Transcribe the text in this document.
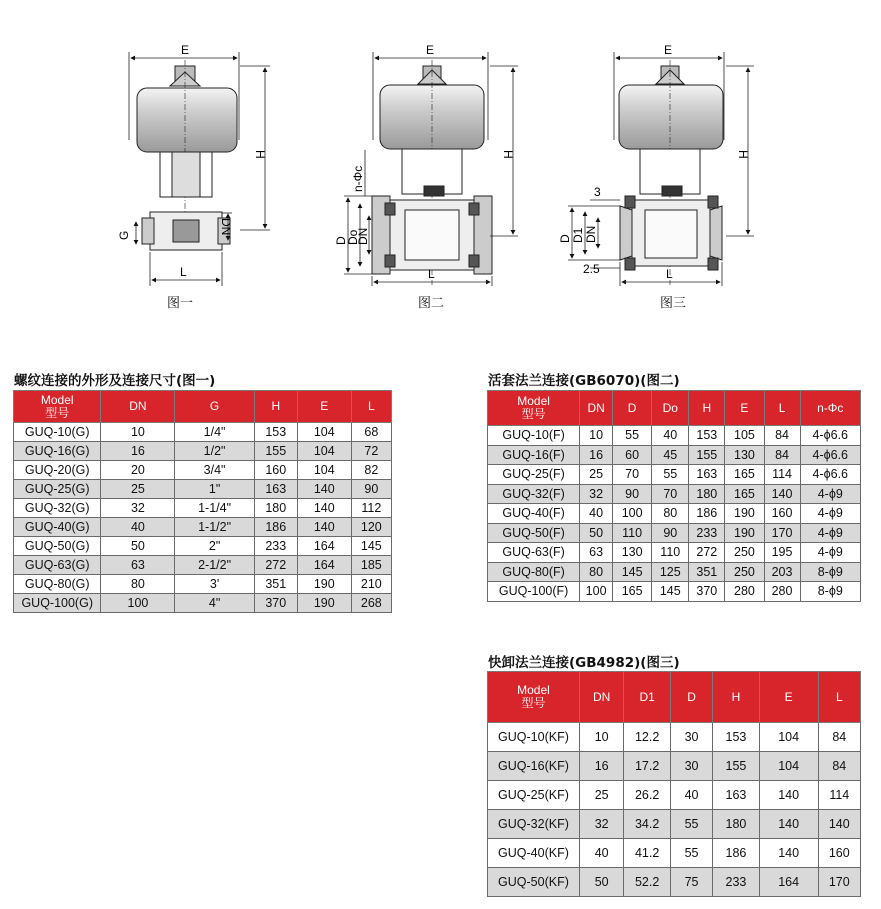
E
H
G	DN
L
E
H
n-Φc
D
Do
DN
L
E
H
3
D D1 DN
L
2.5
图一	图二	图三
螺纹连接的外形及连接尺寸(图一)	活套法兰连接(GB6070)(图二)
快卸法兰连接(GB4982)(图三)
Model
型号	DN	G	H	E	L
GUQ-10(G)	10	1/4"	153	104	68
GUQ-16(G)	16	1/2"	155	104	72
GUQ-20(G)	20	3/4"	160	104	82
GUQ-25(G)	25	1"	163	140	90
GUQ-32(G)	32	1-1/4"	180	140	112
GUQ-40(G)	40	1-1/2"	186	140	120
GUQ-50(G)	50	2"	233	164	145
GUQ-63(G)	63	2-1/2"	272	164	185
GUQ-80(G)	80	3'	351	190	210
GUQ-100(G)	100	4"	370	190	268
Model
型号	DN	D	Do	H	E	L	n-Φc
GUQ-10(F)	10	55	40	153	105	84	4-ϕ6.6
GUQ-16(F)	16	60	45	155	130	84	4-ϕ6.6
GUQ-25(F)	25	70	55	163	165	114	4-ϕ6.6
GUQ-32(F)	32	90	70	180	165	140	4-ϕ9
GUQ-40(F)	40	100	80	186	190	160	4-ϕ9
GUQ-50(F)	50	110	90	233	190	170	4-ϕ9
GUQ-63(F)	63	130	110	272	250	195	4-ϕ9
GUQ-80(F)	80	145	125	351	250	203	8-ϕ9
GUQ-100(F)	100	165	145	370	280	280	8-ϕ9
Model
型号	DN	D1	D	H	E	L
GUQ-10(KF)	10	12.2	30	153	104	84
GUQ-16(KF)	16	17.2	30	155	104	84
GUQ-25(KF)	25	26.2	40	163	140	114
GUQ-32(KF)	32	34.2	55	180	140	140
GUQ-40(KF)	40	41.2	55	186	140	160
GUQ-50(KF)	50	52.2	75	233	164	170
